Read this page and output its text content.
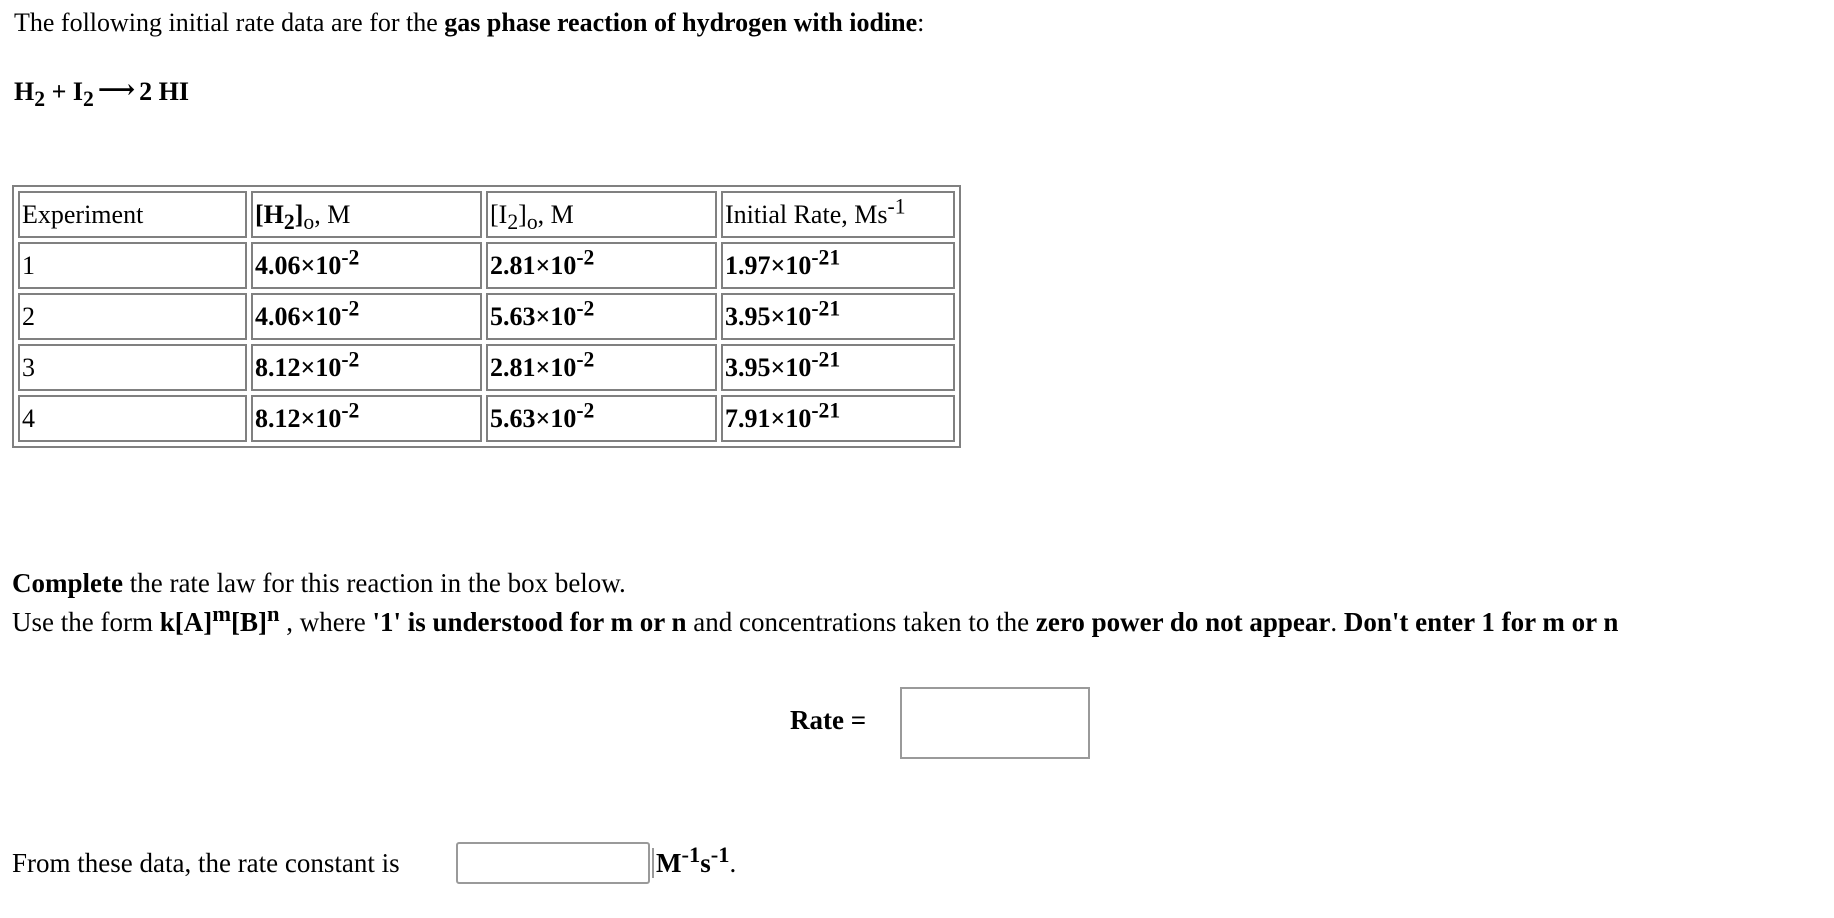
The following initial rate data are for the gas phase reaction of hydrogen with iodine:
$H_2 + I_2$ ⟶ 2 HI
Experiment	$[H_2]_o$, M	$[I_2]_o$, M	Initial Rate, $Ms^{-1}$
1	$4.06\times 10^{-2}$	$2.81\times 10^{-2}$	$1.97\times 10^{-21}$
2	$4.06\times 10^{-2}$	$5.63\times 10^{-2}$	$3.95\times 10^{-21}$
3	$8.12\times 10^{-2}$	$2.81\times 10^{-2}$	$3.95\times 10^{-21}$
4	$8.12\times 10^{-2}$	$5.63\times 10^{-2}$	$7.91\times 10^{-21}$
Complete the rate law for this reaction in the box below.
Use the form $k[A]^m[B]^n$ , where '1' is understood for m or n and concentrations taken to the zero power do not appear. Don't enter 1 for m or n
Rate =
From these data, the rate constant is	$M^{-1}s^{-1}$.
